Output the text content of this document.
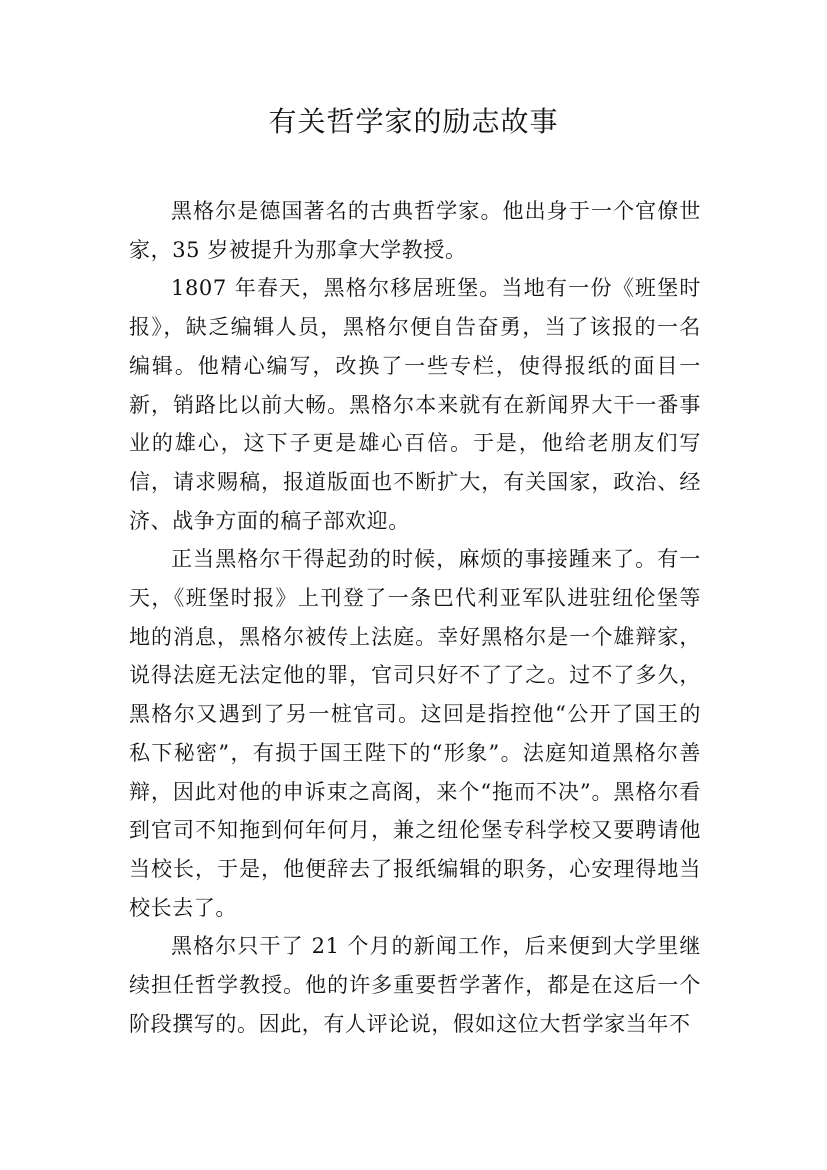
有关哲学家的励志故事

黑格尔是德国著名的古典哲学家。他出身于一个官僚世家，35 岁被提升为那拿大学教授。

1807 年春天，黑格尔移居班堡。当地有一份《班堡时报》，缺乏编辑人员，黑格尔便自告奋勇，当了该报的一名编辑。他精心编写，改换了一些专栏，使得报纸的面目一新，销路比以前大畅。黑格尔本来就有在新闻界大干一番事业的雄心，这下子更是雄心百倍。于是，他给老朋友们写信，请求赐稿，报道版面也不断扩大，有关国家，政治、经济、战争方面的稿子部欢迎。

正当黑格尔干得起劲的时候，麻烦的事接踵来了。有一天，《班堡时报》上刊登了一条巴代利亚军队进驻纽伦堡等地的消息，黑格尔被传上法庭。幸好黑格尔是一个雄辩家，说得法庭无法定他的罪，官司只好不了了之。过不了多久，黑格尔又遇到了另一桩官司。这回是指控他“公开了国王的私下秘密”，有损于国王陛下的“形象”。法庭知道黑格尔善辩，因此对他的申诉束之高阁，来个“拖而不决”。黑格尔看到官司不知拖到何年何月，兼之纽伦堡专科学校又要聘请他当校长，于是，他便辞去了报纸编辑的职务，心安理得地当校长去了。

黑格尔只干了 21 个月的新闻工作，后来便到大学里继续担任哲学教授。他的许多重要哲学著作，都是在这后一个阶段撰写的。因此，有人评论说，假如这位大哲学家当年不
